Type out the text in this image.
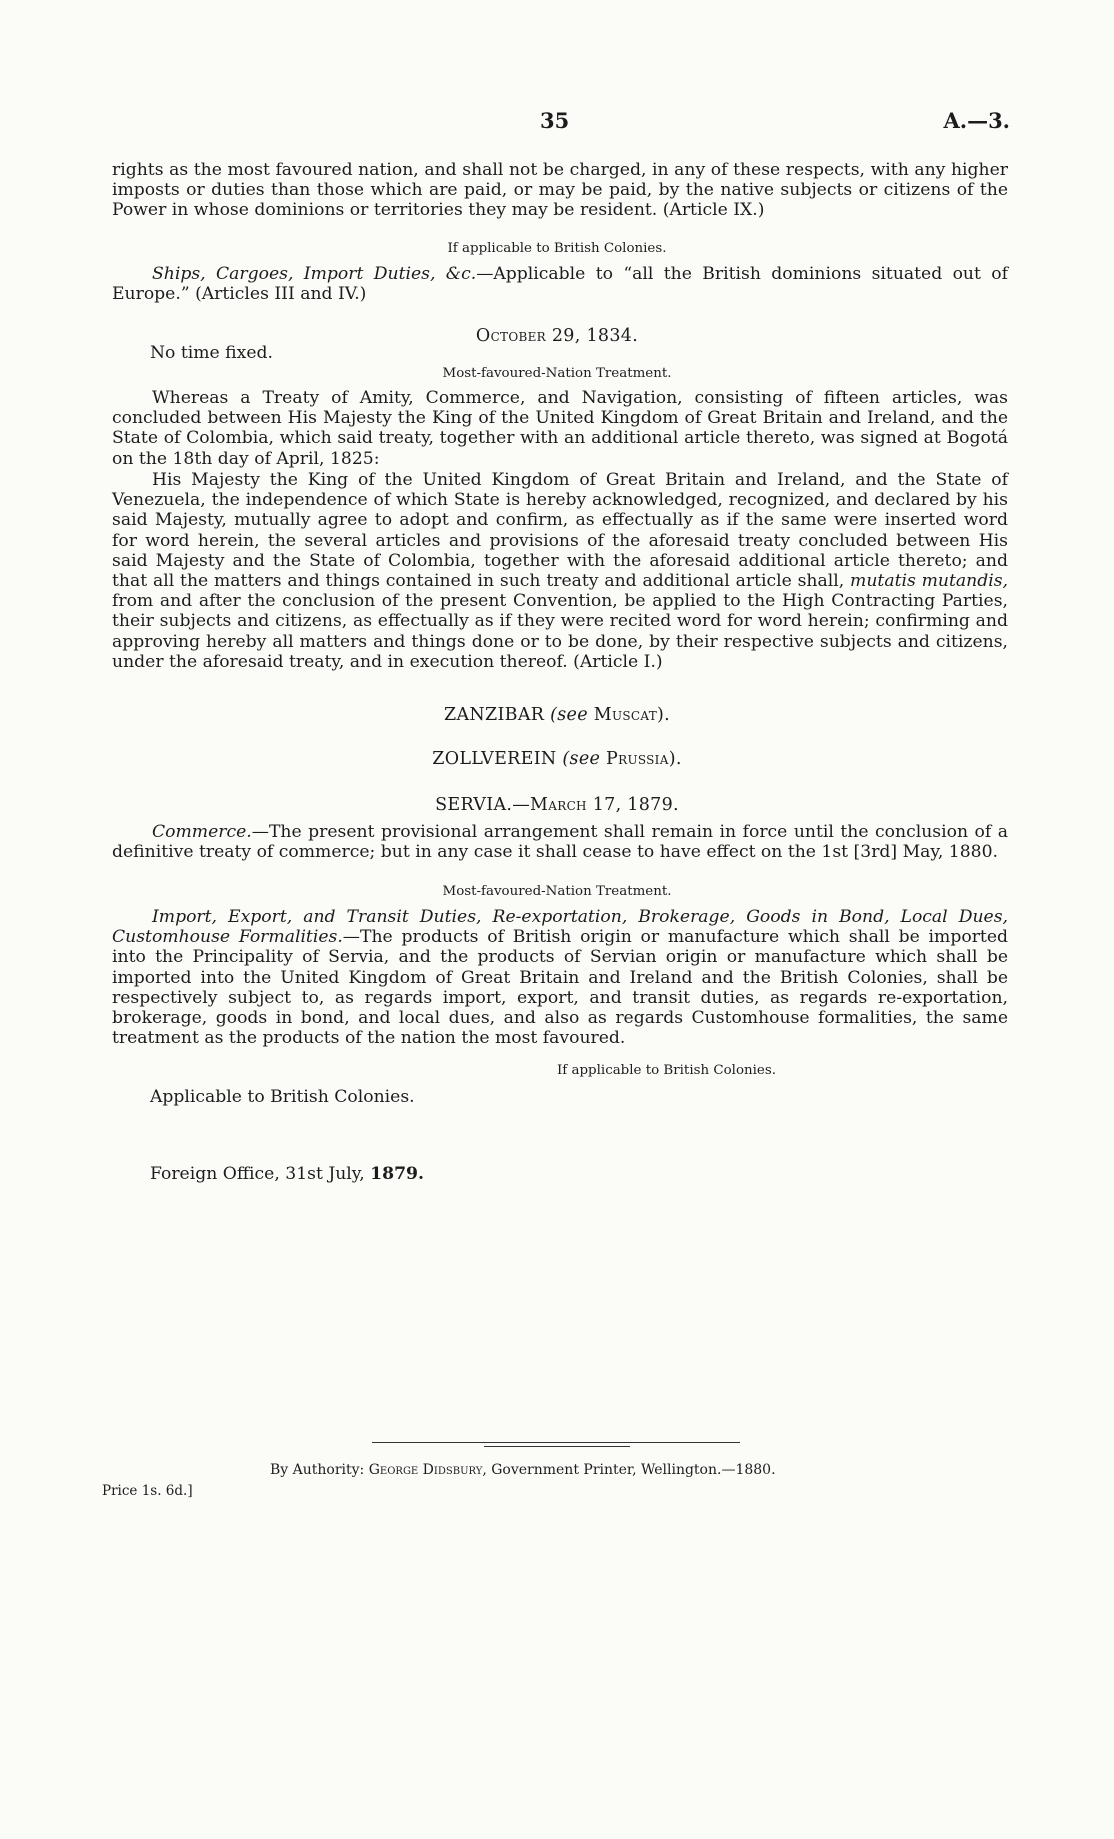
35	A.—3.

rights as the most favoured nation, and shall not be charged, in any of these respects, with any higher imposts or duties than those which are paid, or may be paid, by the native subjects or citizens of the Power in whose dominions or territories they may be resident. (Article IX.)

If applicable to British Colonies.

Ships, Cargoes, Import Duties, &c.—Applicable to “all the British dominions situated out of Europe.” (Articles III and IV.)

October 29, 1834.
No time fixed.
Most-favoured-Nation Treatment.

Whereas a Treaty of Amity, Commerce, and Navigation, consisting of fifteen articles, was concluded between His Majesty the King of the United Kingdom of Great Britain and Ireland, and the State of Colombia, which said treaty, together with an additional article thereto, was signed at Bogotá on the 18th day of April, 1825:

His Majesty the King of the United Kingdom of Great Britain and Ireland, and the State of Venezuela, the independence of which State is hereby acknowledged, recognized, and declared by his said Majesty, mutually agree to adopt and confirm, as effectually as if the same were inserted word for word herein, the several articles and provisions of the aforesaid treaty concluded between His said Majesty and the State of Colombia, together with the aforesaid additional article thereto; and that all the matters and things contained in such treaty and additional article shall, mutatis mutandis, from and after the conclusion of the present Convention, be applied to the High Contracting Parties, their subjects and citizens, as effectually as if they were recited word for word herein; confirming and approving hereby all matters and things done or to be done, by their respective subjects and citizens, under the aforesaid treaty, and in execution thereof. (Article I.)

ZANZIBAR (see Muscat).
ZOLLVEREIN (see Prussia).
SERVIA.—March 17, 1879.

Commerce.—The present provisional arrangement shall remain in force until the conclusion of a definitive treaty of commerce; but in any case it shall cease to have effect on the 1st [3rd] May, 1880.

Most-favoured-Nation Treatment.

Import, Export, and Transit Duties, Re-exportation, Brokerage, Goods in Bond, Local Dues, Customhouse Formalities.—The products of British origin or manufacture which shall be imported into the Principality of Servia, and the products of Servian origin or manufacture which shall be imported into the United Kingdom of Great Britain and Ireland and the British Colonies, shall be respectively subject to, as regards import, export, and transit duties, as regards re-exportation, brokerage, goods in bond, and local dues, and also as regards Customhouse formalities, the same treatment as the products of the nation the most favoured.

If applicable to British Colonies.
Applicable to British Colonies.
Foreign Office, 31st July, 1879.
By Authority: George Didsbury, Government Printer, Wellington.—1880.
Price 1s. 6d.]
